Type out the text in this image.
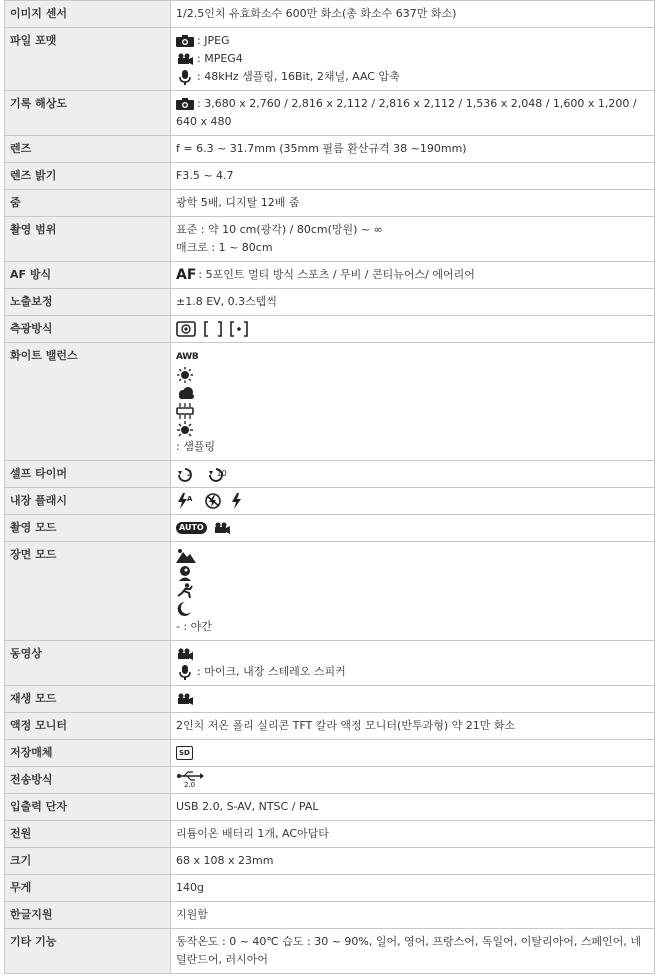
이미지 센서	1/2.5인치 유효화소수 600만 화소(총 화소수 637만 화소)
파일 포맷	: JPEG
: MPEG4
: 48kHz 샘플링, 16Bit, 2채널, AAC 압축

기록 해상도	: 3,680 x 2,760 / 2,816 x 2,112 / 2,816 x 2,112 / 1,536 x 2,048 / 1,600 x 1,200 / 640 x 480
렌즈	f = 6.3 ~ 31.7mm (35mm 필름 환산규격 38 ~190mm)
렌즈 밝기	F3.5 ~ 4.7
줌	광학 5배, 디지탈 12배 줌
촬영 범위	표준 : 약 10 cm(광각) / 80cm(망원) ~ ∞
매크로 : 1 ~ 80cm

AF 방식	AF : 5포인트 멀티 방식 스포츠 / 무비 / 콘티뉴어스/ 에어리어
노출보정	±1.8 EV, 0.3스텝씩
측광방식	

화이트 밸런스	AWB
: 샘플링

셀프 타이머	2
10

내장 플래시	A

촬영 모드	AUTO

장면 모드	- : 야간

동영상	: 마이크, 내장 스테레오 스피커

재생 모드	

액정 모니터	2인치 저온 폴리 실리콘 TFT 칼라 액정 모니터(반투과형) 약 21만 화소
저장매체	SD
전송방식	2.0

입출력 단자	USB 2.0, S-AV, NTSC / PAL
전원	리튬이온 배터리 1개, AC아답타
크기	68 x 108 x 23mm
무게	140g
한글지원	지원함
기타 기능	동작온도 : 0 ~ 40℃ 습도 : 30 ~ 90%, 일어, 영어, 프랑스어, 독일어, 이탈리아어, 스페인어, 네덜란드어, 러시아어
